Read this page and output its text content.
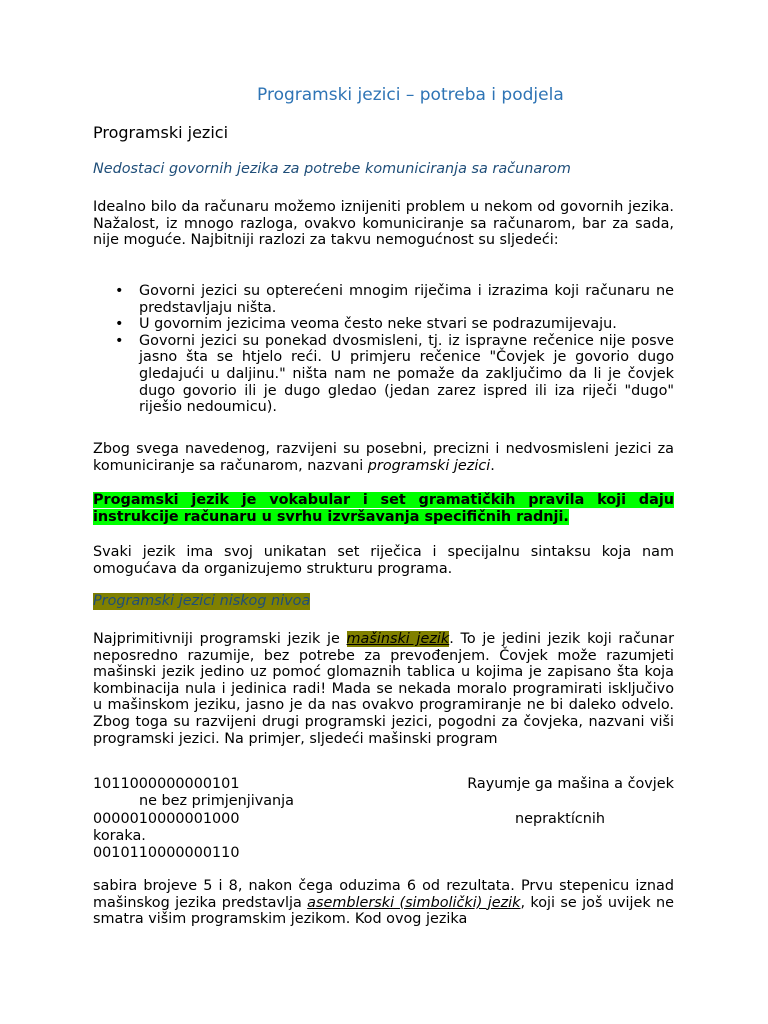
Programski jezici – potreba i podjela
Programski jezici
Nedostaci govornih jezika za potrebe komuniciranja sa računarom

Idealno bilo da računaru možemo iznijeniti problem u nekom od govornih jezika. Nažalost, iz mnogo razloga, ovakvo komuniciranje sa računarom, bar za sada, nije moguće. Najbitniji razlozi za takvu nemogućnost su sljedeći:

• Govorni jezici su opterećeni mnogim riječima i izrazima koji računaru ne predstavljaju ništa.
• U govornim jezicima veoma često neke stvari se podrazumijevaju.
• Govorni jezici su ponekad dvosmisleni, tj. iz ispravne rečenice nije posve jasno šta se htjelo reći. U primjeru rečenice "Čovjek je govorio dugo gledajući u daljinu." ništa nam ne pomaže da zaključimo da li je čovjek dugo govorio ili je dugo gledao (jedan zarez ispred ili iza riječi "dugo" riješio nedoumicu).

Zbog svega navedenog, razvijeni su posebni, precizni i nedvosmisleni jezici za komuniciranje sa računarom, nazvani programski jezici.

Progamski jezik je vokabular i set gramatičkih pravila koji daju instrukcije računaru u svrhu izvršavanja specifičnih radnji.

Svaki jezik ima svoj unikatan set riječica i specijalnu sintaksu koja nam omogućava da organizujemo strukturu programa.

Programski jezici niskog nivoa

Najprimitivniji programski jezik je mašinski jezik. To je jedini jezik koji računar neposredno razumije, bez potrebe za prevođenjem. Čovjek može razumjeti mašinski jezik jedino uz pomoć glomaznih tablica u kojima je zapisano šta koja kombinacija nula i jedinica radi! Mada se nekada moralo programirati isključivo u mašinskom jeziku, jasno je da nas ovakvo programiranje ne bi daleko odvelo. Zbog toga su razvijeni drugi programski jezici, pogodni za čovjeka, nazvani viši programski jezici. Na primjer, sljedeći mašinski program

1011000000000101	Rayumje ga mašina a čovjek
ne bez primjenjivanja
0000010000001000	nepraktícnih
koraka.
0010110000000110

sabira brojeve 5 i 8, nakon čega oduzima 6 od rezultata. Prvu stepenicu iznad mašinskog jezika predstavlja asemblerski (simbolički) jezik, koji se još uvijek ne smatra višim programskim jezikom. Kod ovog jezika
